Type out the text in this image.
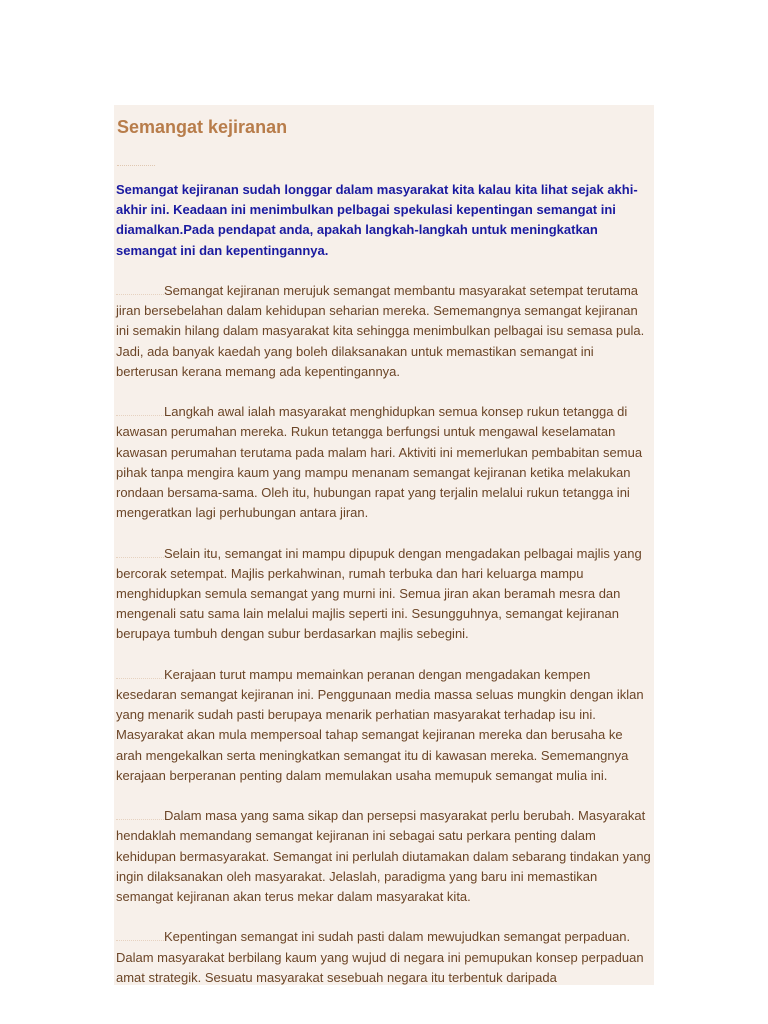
Semangat kejiranan

Semangat kejiranan sudah longgar dalam masyarakat kita kalau kita lihat sejak akhi-akhir ini. Keadaan ini menimbulkan pelbagai spekulasi kepentingan semangat ini diamalkan.Pada pendapat anda, apakah langkah-langkah untuk meningkatkan semangat ini dan kepentingannya.

Semangat kejiranan merujuk semangat membantu masyarakat setempat terutama jiran bersebelahan dalam kehidupan seharian mereka. Sememangnya semangat kejiranan ini semakin hilang dalam masyarakat kita sehingga menimbulkan pelbagai isu semasa pula. Jadi, ada banyak kaedah yang boleh dilaksanakan untuk memastikan semangat ini berterusan kerana memang ada kepentingannya.

Langkah awal ialah masyarakat menghidupkan semua konsep rukun tetangga di kawasan perumahan mereka. Rukun tetangga berfungsi untuk mengawal keselamatan kawasan perumahan terutama pada malam hari. Aktiviti ini memerlukan pembabitan semua pihak tanpa mengira kaum yang mampu menanam semangat kejiranan ketika melakukan rondaan bersama-sama. Oleh itu, hubungan rapat yang terjalin melalui rukun tetangga ini mengeratkan lagi perhubungan antara jiran.

Selain itu, semangat ini mampu dipupuk dengan mengadakan pelbagai majlis yang bercorak setempat. Majlis perkahwinan, rumah terbuka dan hari keluarga mampu menghidupkan semula semangat yang murni ini. Semua jiran akan beramah mesra dan mengenali satu sama lain melalui majlis seperti ini. Sesungguhnya, semangat kejiranan berupaya tumbuh dengan subur berdasarkan majlis sebegini.

Kerajaan turut mampu memainkan peranan dengan mengadakan kempen kesedaran semangat kejiranan ini. Penggunaan media massa seluas mungkin dengan iklan yang menarik sudah pasti berupaya menarik perhatian masyarakat terhadap isu ini. Masyarakat akan mula mempersoal tahap semangat kejiranan mereka dan berusaha ke arah mengekalkan serta meningkatkan semangat itu di kawasan mereka. Sememangnya kerajaan berperanan penting dalam memulakan usaha memupuk semangat mulia ini.

Dalam masa yang sama sikap dan persepsi masyarakat perlu berubah. Masyarakat hendaklah memandang semangat kejiranan ini sebagai satu perkara penting dalam kehidupan bermasyarakat. Semangat ini perlulah diutamakan dalam sebarang tindakan yang ingin dilaksanakan oleh masyarakat. Jelaslah, paradigma yang baru ini memastikan semangat kejiranan akan terus mekar dalam masyarakat kita.

Kepentingan semangat ini sudah pasti dalam mewujudkan semangat perpaduan. Dalam masyarakat berbilang kaum yang wujud di negara ini pemupukan konsep perpaduan amat strategik. Sesuatu masyarakat sesebuah negara itu terbentuk daripada
